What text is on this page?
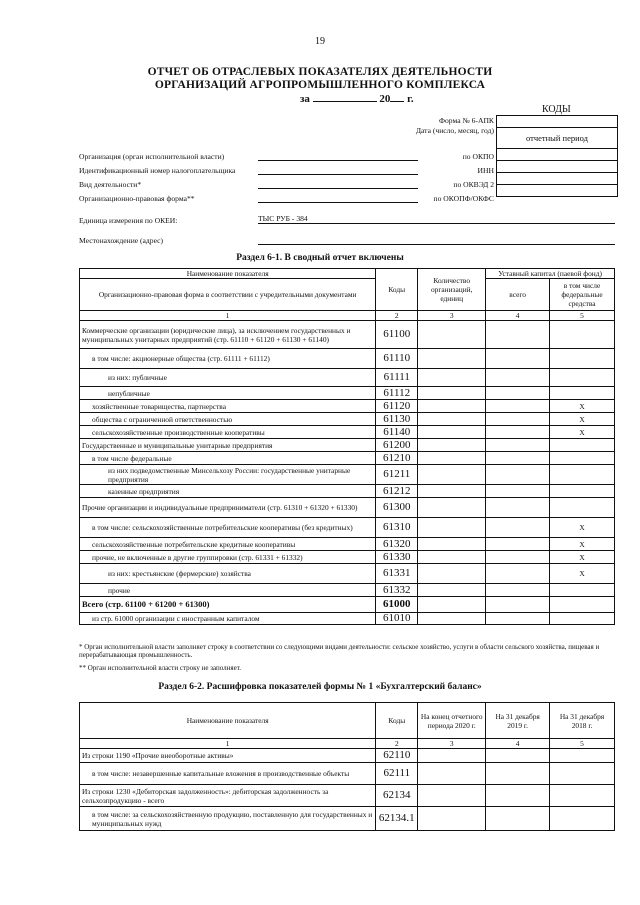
19
ОТЧЕТ ОБ ОТРАСЛЕВЫХ ПОКАЗАТЕЛЯХ ДЕЯТЕЛЬНОСТИ
ОРГАНИЗАЦИЙ АГРОПРОМЫШЛЕННОГО КОМПЛЕКСА
за	20 г.
КОДЫ
Форма № 6-АПК
Дата (число, месяц, год)
отчетный период
Организация (орган исполнительной власти)	по ОКПО
Идентификационный номер налогоплательщика	ИНН
Вид деятельности*	по ОКВЭД 2
Организационно-правовая форма**	по ОКОПФ/ОКФС
Единица измерения по ОКЕИ:	ТЫС РУБ - 384
Местонахождение (адрес)
Раздел 6-1. В сводный отчет включены
Наименование показателя	Коды	Количество организаций, единиц	Уставный капитал (паевой фонд)	
Организационно-правовая форма в соответствии с учредительными документами			всего	в том числе федеральные средства
1	2	3	4	5
Коммерческие организации (юридические лица), за исключением государственных и муниципальных унитарных предприятий (стр. 61110 + 61120 + 61130 + 61140)	61100			
в том числе: акционерные общества (стр. 61111 + 61112)	61110			
из них: публичные	61111			
непубличные	61112			
хозяйственные товарищества, партнерства	61120			X
общества с ограниченной ответственностью	61130			X
сельскохозяйственные производственные кооперативы	61140			X
Государственные и муниципальные унитарные предприятия	61200			
в том числе федеральные	61210			
из них подведомственные Минсельхозу России: государственные унитарные предприятия	61211			
казенные предприятия	61212			
Прочие организации и индивидуальные предприниматели (стр. 61310 + 61320 + 61330)	61300			
в том числе: сельскохозяйственные потребительские кооперативы (без кредитных)	61310			X
сельскохозяйственные потребительские кредитные кооперативы	61320			X
прочие, не включенные в другие группировки (стр. 61331 + 61332)	61330			X
из них: крестьянские (фермерские) хозяйства	61331			X
прочие	61332			
Всего (стр. 61100 + 61200 + 61300)	61000			
из стр. 61000 организации с иностранным капиталом	61010			
* Орган исполнительной власти заполняет строку в соответствии со следующими видами деятельности: сельское хозяйство, услуги в области сельского хозяйства, пищевая и перерабатывающая промышленность.
** Орган исполнительной власти строку не заполняет.
Раздел 6-2. Расшифровка показателей формы № 1 «Бухгалтерский баланс»
Наименование показателя	Коды	На конец отчетного периода 2020 г.	На 31 декабря 2019 г.	На 31 декабря 2018 г.
1	2	3	4	5
Из строки 1190 «Прочие внеоборотные активы»	62110			
в том числе: незавершенные капитальные вложения в производственные объекты	62111			
Из строки 1230 «Дебиторская задолженность»: дебиторская задолженность за сельхозпродукцию - всего	62134			
в том числе: за сельскохозяйственную продукцию, поставленную для государственных и муниципальных нужд	62134.1			
